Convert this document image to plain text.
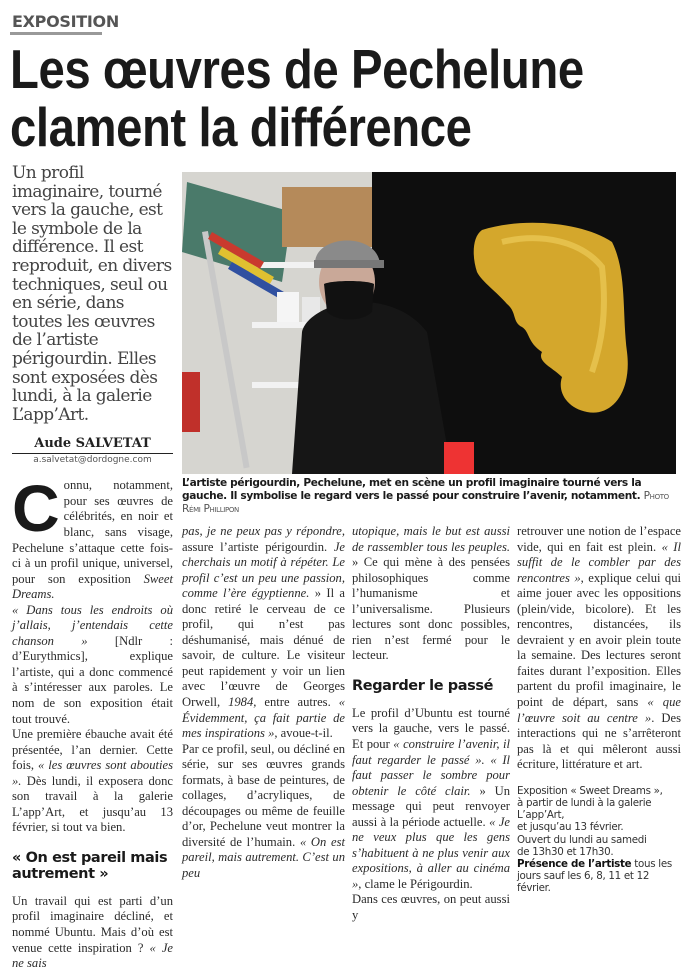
EXPOSITION
Les œuvres de Pechelune
clament la différence
Un profil imaginaire, tourné vers la gauche, est le symbole de la différence. Il est reproduit, en divers techniques, seul ou en série, dans toutes les œuvres de l’artiste périgourdin. Elles sont exposées dès lundi, à la galerie L’app’Art.
Aude SALVETAT
a.salvetat@dordogne.com

Connu, notamment, pour ses œuvres de célébrités, en noir et blanc, sans visage, Pechelune s’attaque cette fois-ci à un profil unique, universel, pour son exposition Sweet Dreams.

« Dans tous les endroits où j’allais, j’entendais cette chanson » [Ndlr : d’Eurythmics], explique l’artiste, qui a donc commencé à s’intéresser aux paroles. Le nom de son exposition était tout trouvé.

Une première ébauche avait été présentée, l’an dernier. Cette fois, « les œuvres sont abouties ». Dès lundi, il exposera donc son travail à la galerie L’app’Art, et jusqu’au 13 février, si tout va bien.

« On est pareil mais autrement »

Un travail qui est parti d’un profil imaginaire décliné, et nommé Ubuntu. Mais d’où est venue cette inspiration ? « Je ne sais

L’artiste périgourdin, Pechelune, met en scène un profil imaginaire tourné vers la gauche. Il symbolise le regard vers le passé pour construire l’avenir, notamment. Photo Rémi Phillipon

pas, je ne peux pas y répondre, assure l’artiste périgourdin. Je cherchais un motif à répéter. Le profil c’est un peu une passion, comme l’ère égyptienne. » Il a donc retiré le cerveau de ce profil, qui n’est pas déshumanisé, mais dénué de savoir, de culture. Le visiteur peut rapidement y voir un lien avec l’œuvre de Georges Orwell, 1984, entre autres. « Évidemment, ça fait partie de mes inspirations », avoue-t-il.

Par ce profil, seul, ou décliné en série, sur ses œuvres grands formats, à base de peintures, de collages, d’acryliques, de découpages ou même de feuille d’or, Pechelune veut montrer la diversité de l’humain. « On est pareil, mais autrement. C’est un peu

utopique, mais le but est aussi de rassembler tous les peuples. » Ce qui mène à des pensées philosophiques comme l’humanisme et l’universalisme. Plusieurs lectures sont donc possibles, rien n’est fermé pour le lecteur.

Regarder le passé

Le profil d’Ubuntu est tourné vers la gauche, vers le passé. Et pour « construire l’avenir, il faut regarder le passé ». « Il faut passer le sombre pour obtenir le côté clair. » Un message qui peut renvoyer aussi à la période actuelle. « Je ne veux plus que les gens s’habituent à ne plus venir aux expositions, à aller au cinéma », clame le Périgourdin.

Dans ces œuvres, on peut aussi y

retrouver une notion de l’espace vide, qui en fait est plein. « Il suffit de le combler par des rencontres », explique celui qui aime jouer avec les oppositions (plein/vide, bicolore). Et les rencontres, distancées, ils devraient y en avoir plein toute la semaine. Des lectures seront faites durant l’exposition. Elles partent du profil imaginaire, le point de départ, sans « que l’œuvre soit au centre ». Des interactions qui ne s’arrêteront pas là et qui mêleront aussi écriture, littérature et art.

Exposition « Sweet Dreams »,
à partir de lundi à la galerie L’app’Art,
et jusqu’au 13 février.
Ouvert du lundi au samedi
de 13h30 et 17h30.
Présence de l’artiste tous les jours sauf les 6, 8, 11 et 12 février.
